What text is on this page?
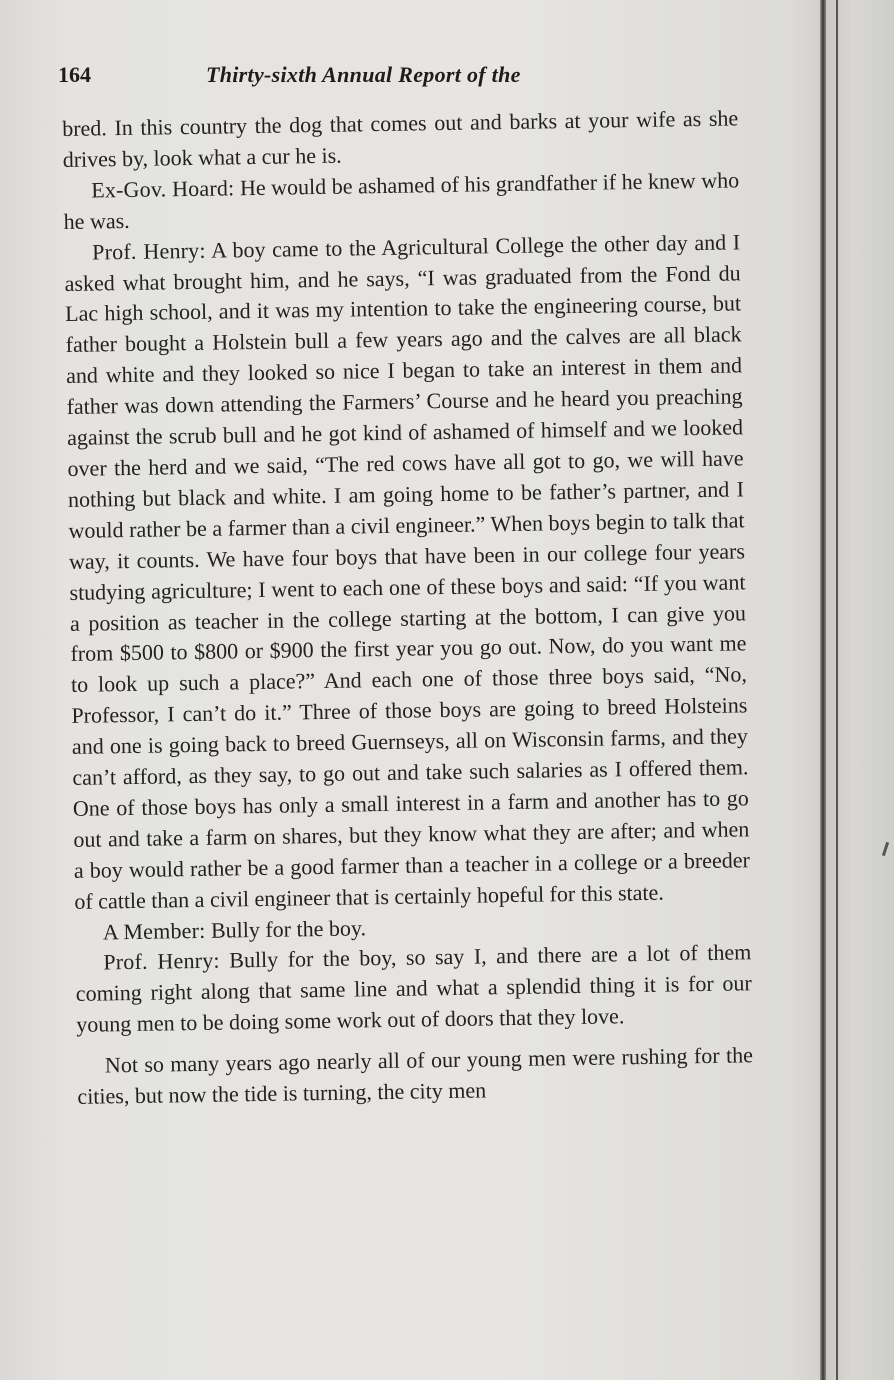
164	Thirty-sixth Annual Report of the

bred. In this country the dog that comes out and barks at your wife as she drives by, look what a cur he is.

Ex-Gov. Hoard: He would be ashamed of his grandfather if he knew who he was.

Prof. Henry: A boy came to the Agricultural College the other day and I asked what brought him, and he says, “I was graduated from the Fond du Lac high school, and it was my intention to take the engineering course, but father bought a Holstein bull a few years ago and the calves are all black and white and they looked so nice I began to take an interest in them and father was down attending the Farmers’ Course and he heard you preaching against the scrub bull and he got kind of ashamed of himself and we looked over the herd and we said, “The red cows have all got to go, we will have nothing but black and white. I am going home to be father’s partner, and I would rather be a farmer than a civil engineer.” When boys begin to talk that way, it counts. We have four boys that have been in our college four years studying agriculture; I went to each one of these boys and said: “If you want a position as teacher in the college starting at the bottom, I can give you from $500 to $800 or $900 the first year you go out. Now, do you want me to look up such a place?” And each one of those three boys said, “No, Professor, I can’t do it.” Three of those boys are going to breed Holsteins and one is going back to breed Guernseys, all on Wisconsin farms, and they can’t afford, as they say, to go out and take such salaries as I offered them. One of those boys has only a small interest in a farm and another has to go out and take a farm on shares, but they know what they are after; and when a boy would rather be a good farmer than a teacher in a college or a breeder of cattle than a civil engineer that is certainly hopeful for this state.

A Member: Bully for the boy.

Prof. Henry: Bully for the boy, so say I, and there are a lot of them coming right along that same line and what a splendid thing it is for our young men to be doing some work out of doors that they love.

Not so many years ago nearly all of our young men were rushing for the cities, but now the tide is turning, the city men
